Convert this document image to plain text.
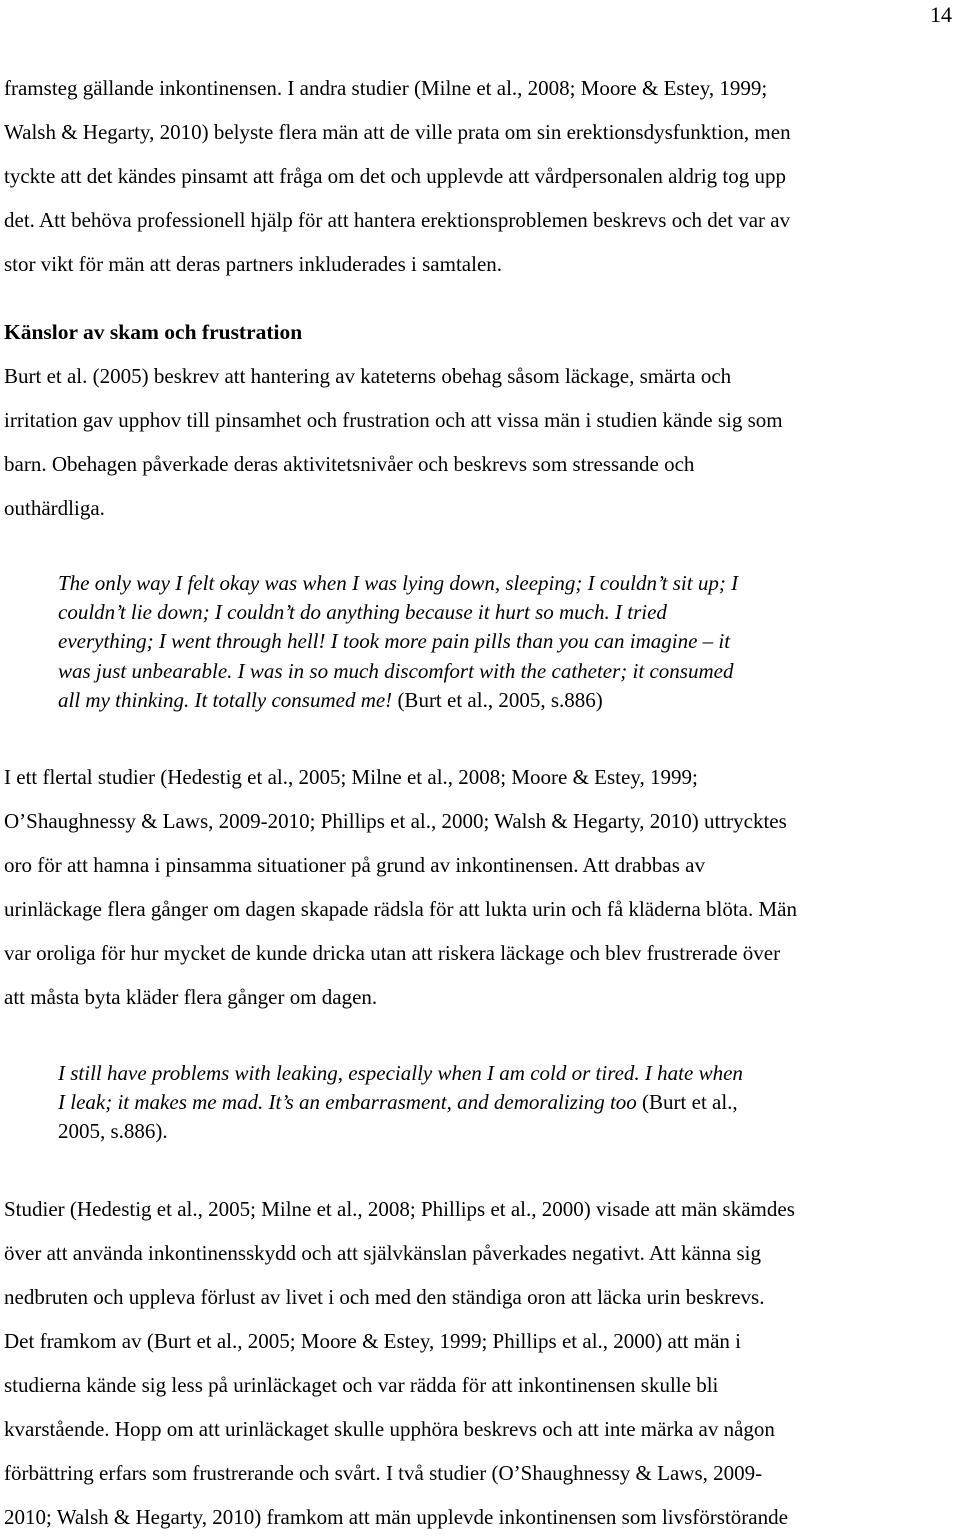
14
framsteg gällande inkontinensen. I andra studier (Milne et al., 2008; Moore & Estey, 1999;
Walsh & Hegarty, 2010) belyste flera män att de ville prata om sin erektionsdysfunktion, men
tyckte att det kändes pinsamt att fråga om det och upplevde att vårdpersonalen aldrig tog upp
det. Att behöva professionell hjälp för att hantera erektionsproblemen beskrevs och det var av
stor vikt för män att deras partners inkluderades i samtalen.
Känslor av skam och frustration
Burt et al. (2005) beskrev att hantering av kateterns obehag såsom läckage, smärta och
irritation gav upphov till pinsamhet och frustration och att vissa män i studien kände sig som
barn. Obehagen påverkade deras aktivitetsnivåer och beskrevs som stressande och
outhärdliga.
The only way I felt okay was when I was lying down, sleeping; I couldn’t sit up; I
couldn’t lie down; I couldn’t do anything because it hurt so much. I tried
everything; I went through hell! I took more pain pills than you can imagine – it
was just unbearable. I was in so much discomfort with the catheter; it consumed
all my thinking. It totally consumed me! (Burt et al., 2005, s.886)
I ett flertal studier (Hedestig et al., 2005; Milne et al., 2008; Moore & Estey, 1999;
O’Shaughnessy & Laws, 2009-2010; Phillips et al., 2000; Walsh & Hegarty, 2010) uttrycktes
oro för att hamna i pinsamma situationer på grund av inkontinensen. Att drabbas av
urinläckage flera gånger om dagen skapade rädsla för att lukta urin och få kläderna blöta. Män
var oroliga för hur mycket de kunde dricka utan att riskera läckage och blev frustrerade över
att måsta byta kläder flera gånger om dagen.
I still have problems with leaking, especially when I am cold or tired. I hate when
I leak; it makes me mad. It’s an embarrasment, and demoralizing too (Burt et al.,
2005, s.886).
Studier (Hedestig et al., 2005; Milne et al., 2008; Phillips et al., 2000) visade att män skämdes
över att använda inkontinensskydd och att självkänslan påverkades negativt. Att känna sig
nedbruten och uppleva förlust av livet i och med den ständiga oron att läcka urin beskrevs.
Det framkom av (Burt et al., 2005; Moore & Estey, 1999; Phillips et al., 2000) att män i
studierna kände sig less på urinläckaget och var rädda för att inkontinensen skulle bli
kvarstående. Hopp om att urinläckaget skulle upphöra beskrevs och att inte märka av någon
förbättring erfars som frustrerande och svårt. I två studier (O’Shaughnessy & Laws, 2009-
2010; Walsh & Hegarty, 2010) framkom att män upplevde inkontinensen som livsförstörande
